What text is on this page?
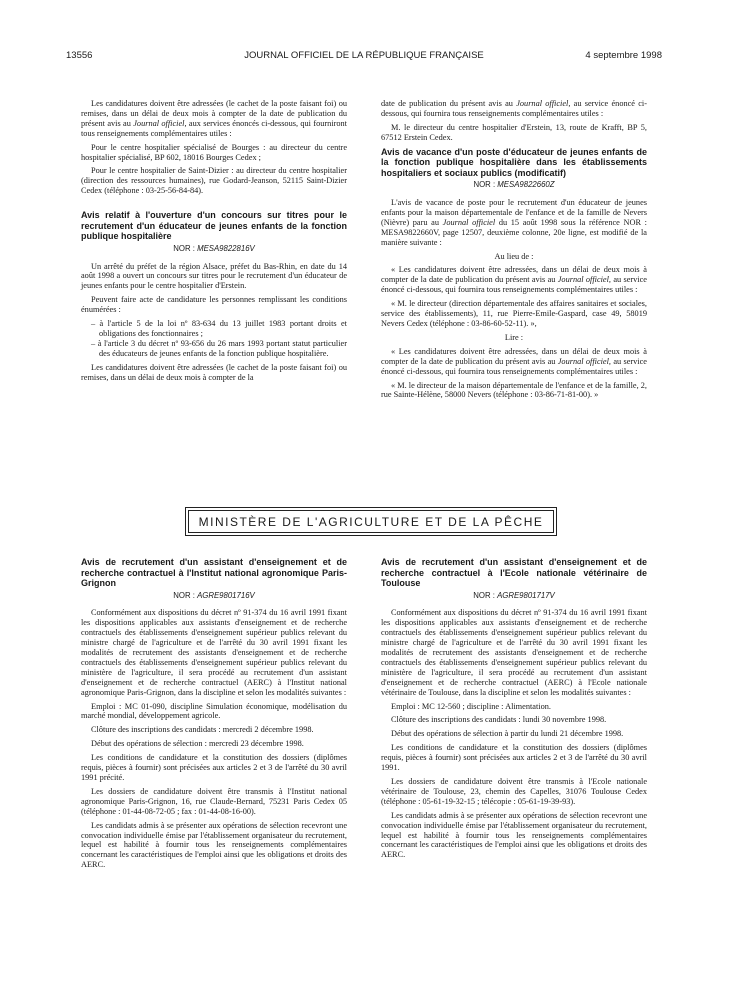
13556	JOURNAL OFFICIEL DE LA RÉPUBLIQUE FRANÇAISE	4 septembre 1998

Les candidatures doivent être adressées (le cachet de la poste faisant foi) ou remises, dans un délai de deux mois à compter de la date de publication du présent avis au Journal officiel, aux services énoncés ci-dessous, qui fourniront tous renseignements complémentaires utiles :

Pour le centre hospitalier spécialisé de Bourges : au directeur du centre hospitalier spécialisé, BP 602, 18016 Bourges Cedex ;

Pour le centre hospitalier de Saint-Dizier : au directeur du centre hospitalier (direction des ressources humaines), rue Godard-Jeanson, 52115 Saint-Dizier Cedex (téléphone : 03-25-56-84-84).

Avis relatif à l'ouverture d'un concours sur titres pour le recrutement d'un éducateur de jeunes enfants de la fonction publique hospitalière
NOR : MESA9822816V

Un arrêté du préfet de la région Alsace, préfet du Bas-Rhin, en date du 14 août 1998 a ouvert un concours sur titres pour le recrutement d'un éducateur de jeunes enfants pour le centre hospitalier d'Erstein.

Peuvent faire acte de candidature les personnes remplissant les conditions énumérées :

– à l'article 5 de la loi nº 83-634 du 13 juillet 1983 portant droits et obligations des fonctionnaires ;
– à l'article 3 du décret nº 93-656 du 26 mars 1993 portant statut particulier des éducateurs de jeunes enfants de la fonction publique hospitalière.

Les candidatures doivent être adressées (le cachet de la poste faisant foi) ou remises, dans un délai de deux mois à compter de la

date de publication du présent avis au Journal officiel, au service énoncé ci-dessous, qui fournira tous renseignements complémentaires utiles :

M. le directeur du centre hospitalier d'Erstein, 13, route de Krafft, BP 5, 67512 Erstein Cedex.

Avis de vacance d'un poste d'éducateur de jeunes enfants de la fonction publique hospitalière dans les établissements hospitaliers et sociaux publics (modificatif)
NOR : MESA9822660Z

L'avis de vacance de poste pour le recrutement d'un éducateur de jeunes enfants pour la maison départementale de l'enfance et de la famille de Nevers (Nièvre) paru au Journal officiel du 15 août 1998 sous la référence NOR : MESA9822660V, page 12507, deuxième colonne, 20e ligne, est modifié de la manière suivante :

Au lieu de :

« Les candidatures doivent être adressées, dans un délai de deux mois à compter de la date de publication du présent avis au Journal officiel, au service énoncé ci-dessous, qui fournira tous renseignements complémentaires utiles :

« M. le directeur (direction départementale des affaires sanitaires et sociales, service des établissements), 11, rue Pierre-Emile-Gaspard, case 49, 58019 Nevers Cedex (téléphone : 03-86-60-52-11). »,

Lire :

« Les candidatures doivent être adressées, dans un délai de deux mois à compter de la date de publication du présent avis au Journal officiel, au service énoncé ci-dessous, qui fournira tous renseignements complémentaires utiles :

« M. le directeur de la maison départementale de l'enfance et de la famille, 2, rue Sainte-Hélène, 58000 Nevers (téléphone : 03-86-71-81-00). »

MINISTÈRE DE L'AGRICULTURE ET DE LA PÊCHE
Avis de recrutement d'un assistant d'enseignement et de recherche contractuel à l'Institut national agronomique Paris-Grignon
NOR : AGRE9801716V

Conformément aux dispositions du décret nº 91-374 du 16 avril 1991 fixant les dispositions applicables aux assistants d'enseignement et de recherche contractuels des établissements d'enseignement supérieur publics relevant du ministre chargé de l'agriculture et de l'arrêté du 30 avril 1991 fixant les modalités de recrutement des assistants d'enseignement et de recherche contractuels des établissements d'enseignement supérieur publics relevant du ministère de l'agriculture, il sera procédé au recrutement d'un assistant d'enseignement et de recherche contractuel (AERC) à l'Institut national agronomique Paris-Grignon, dans la discipline et selon les modalités suivantes :

Emploi : MC 01-090, discipline Simulation économique, modélisation du marché mondial, développement agricole.

Clôture des inscriptions des candidats : mercredi 2 décembre 1998.

Début des opérations de sélection : mercredi 23 décembre 1998.

Les conditions de candidature et la constitution des dossiers (diplômes requis, pièces à fournir) sont précisées aux articles 2 et 3 de l'arrêté du 30 avril 1991 précité.

Les dossiers de candidature doivent être transmis à l'Institut national agronomique Paris-Grignon, 16, rue Claude-Bernard, 75231 Paris Cedex 05 (téléphone : 01-44-08-72-05 ; fax : 01-44-08-16-00).

Les candidats admis à se présenter aux opérations de sélection recevront une convocation individuelle émise par l'établissement organisateur du recrutement, lequel est habilité à fournir tous les renseignements complémentaires concernant les caractéristiques de l'emploi ainsi que les obligations et droits des AERC.

Avis de recrutement d'un assistant d'enseignement et de recherche contractuel à l'Ecole nationale vétérinaire de Toulouse
NOR : AGRE9801717V

Conformément aux dispositions du décret nº 91-374 du 16 avril 1991 fixant les dispositions applicables aux assistants d'enseignement et de recherche contractuels des établissements d'enseignement supérieur publics relevant du ministre chargé de l'agriculture et de l'arrêté du 30 avril 1991 fixant les modalités de recrutement des assistants d'enseignement et de recherche contractuels des établissements d'enseignement supérieur publics relevant du ministère de l'agriculture, il sera procédé au recrutement d'un assistant d'enseignement et de recherche contractuel (AERC) à l'Ecole nationale vétérinaire de Toulouse, dans la discipline et selon les modalités suivantes :

Emploi : MC 12-560 ; discipline : Alimentation.

Clôture des inscriptions des candidats : lundi 30 novembre 1998.

Début des opérations de sélection à partir du lundi 21 décembre 1998.

Les conditions de candidature et la constitution des dossiers (diplômes requis, pièces à fournir) sont précisées aux articles 2 et 3 de l'arrêté du 30 avril 1991.

Les dossiers de candidature doivent être transmis à l'Ecole nationale vétérinaire de Toulouse, 23, chemin des Capelles, 31076 Toulouse Cedex (téléphone : 05-61-19-32-15 ; télécopie : 05-61-19-39-93).

Les candidats admis à se présenter aux opérations de sélection recevront une convocation individuelle émise par l'établissement organisateur du recrutement, lequel est habilité à fournir tous les renseignements complémentaires concernant les caractéristiques de l'emploi ainsi que les obligations et droits des AERC.
